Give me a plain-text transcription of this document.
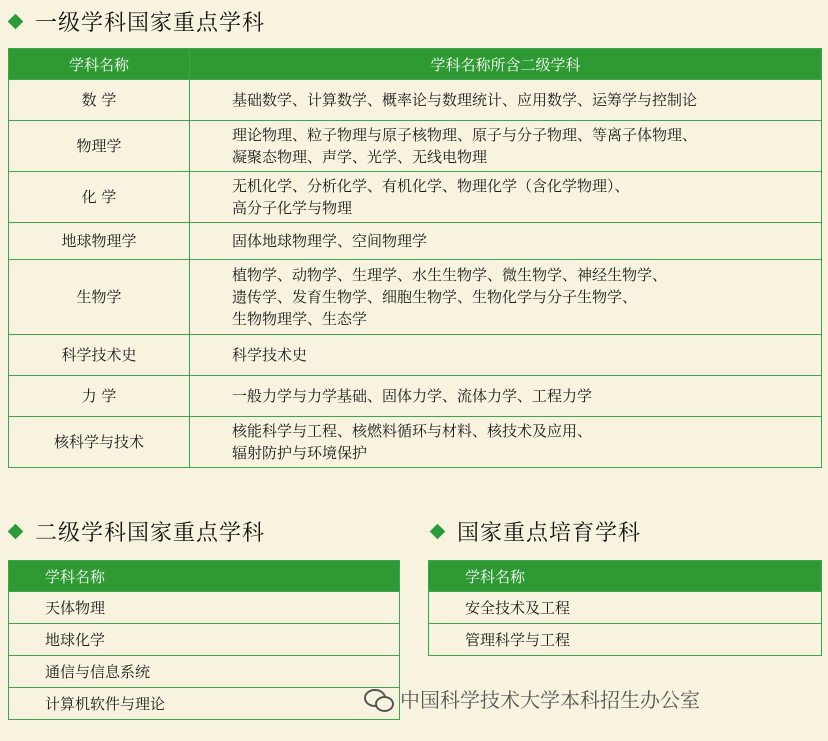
一级学科国家重点学科
学科名称	学科名称所含二级学科
数 学	基础数学、计算数学、概率论与数理统计、应用数学、运筹学与控制论

物理学	理论物理、粒子物理与原子核物理、原子与分子物理、等离子体物理、
凝聚态物理、声学、光学、无线电物理

化 学	无机化学、分析化学、有机化学、物理化学（含化学物理）、
高分子化学与物理

地球物理学	固体地球物理学、空间物理学

生物学	植物学、动物学、生理学、水生生物学、微生物学、神经生物学、
遗传学、发育生物学、细胞生物学、生物化学与分子生物学、
生物物理学、生态学

科学技术史	科学技术史

力 学	一般力学与力学基础、固体力学、流体力学、工程力学

核科学与技术	核能科学与工程、核燃料循环与材料、核技术及应用、
辐射防护与环境保护
二级学科国家重点学科	国家重点培育学科
学科名称
天体物理
地球化学
通信与信息系统
计算机软件与理论
学科名称
安全技术及工程
管理科学与工程
中国科学技术大学本科招生办公室
